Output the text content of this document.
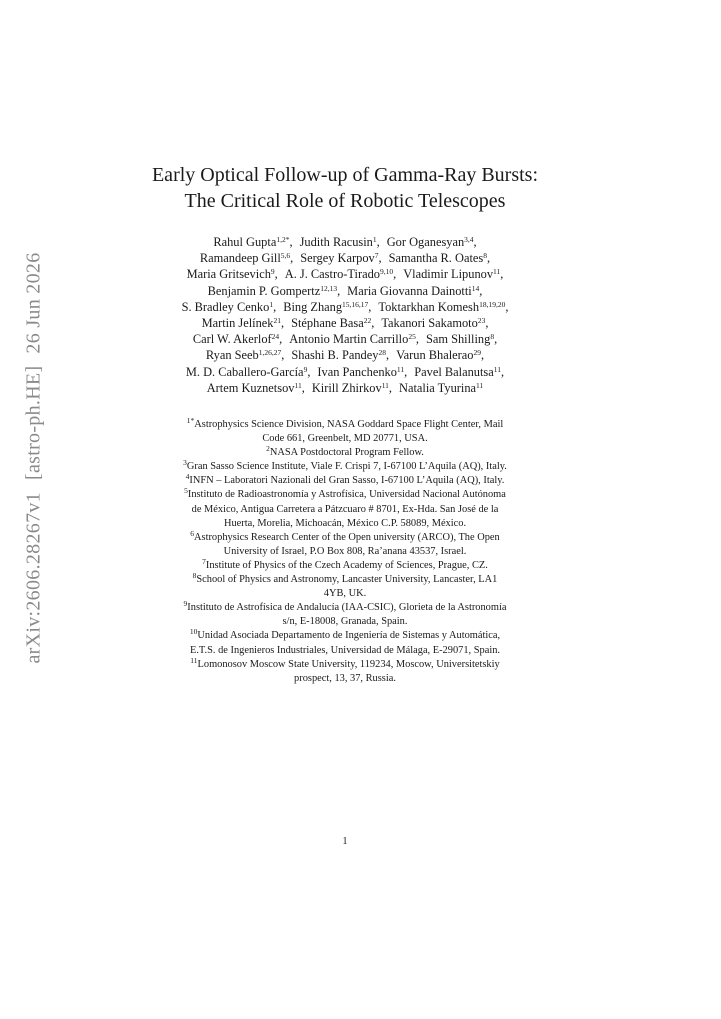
arXiv:2606.28267v1[astro-ph.HE]26 Jun 2026
Early Optical Follow-up of Gamma-Ray Bursts:
The Critical Role of Robotic Telescopes
Rahul Gupta$^{1,2*}$, Judith Racusin$^1$, Gor Oganesyan$^{3,4}$,
Ramandeep Gill$^{5,6}$, Sergey Karpov$^7$, Samantha R. Oates$^8$,
Maria Gritsevich$^9$, A. J. Castro-Tirado$^{9,10}$, Vladimir Lipunov$^{11}$,
Benjamin P. Gompertz$^{12,13}$, Maria Giovanna Dainotti$^{14}$,
S. Bradley Cenko$^1$, Bing Zhang$^{15,16,17}$, Toktarkhan Komesh$^{18,19,20}$,
Martin Jelínek$^{21}$, Stéphane Basa$^{22}$, Takanori Sakamoto$^{23}$,
Carl W. Akerlof$^{24}$, Antonio Martin Carrillo$^{25}$, Sam Shilling$^8$,
Ryan Seeb$^{1,26,27}$, Shashi B. Pandey$^{28}$, Varun Bhalerao$^{29}$,
M. D. Caballero-García$^9$, Ivan Panchenko$^{11}$, Pavel Balanutsa$^{11}$,
Artem Kuznetsov$^{11}$, Kirill Zhirkov$^{11}$, Natalia Tyurina$^{11}$
$^{1*}$Astrophysics Science Division, NASA Goddard Space Flight Center, Mail
Code 661, Greenbelt, MD 20771, USA.
$^2$NASA Postdoctoral Program Fellow.
$^3$Gran Sasso Science Institute, Viale F. Crispi 7, I-67100 L’Aquila (AQ), Italy.
$^4$INFN – Laboratori Nazionali del Gran Sasso, I-67100 L’Aquila (AQ), Italy.
$^5$Instituto de Radioastronomía y Astrofísica, Universidad Nacional Autónoma
de México, Antigua Carretera a Pátzcuaro # 8701, Ex-Hda. San José de la
Huerta, Morelia, Michoacán, México C.P. 58089, México.
$^6$Astrophysics Research Center of the Open university (ARCO), The Open
University of Israel, P.O Box 808, Ra’anana 43537, Israel.
$^7$Institute of Physics of the Czech Academy of Sciences, Prague, CZ.
$^8$School of Physics and Astronomy, Lancaster University, Lancaster, LA1
4YB, UK.
$^9$Instituto de Astrofísica de Andalucía (IAA-CSIC), Glorieta de la Astronomía
s/n, E-18008, Granada, Spain.
$^{10}$Unidad Asociada Departamento de Ingeniería de Sistemas y Automática,
E.T.S. de Ingenieros Industriales, Universidad de Málaga, E-29071, Spain.
$^{11}$Lomonosov Moscow State University, 119234, Moscow, Universitetskiy
prospect, 13, 37, Russia.
1
